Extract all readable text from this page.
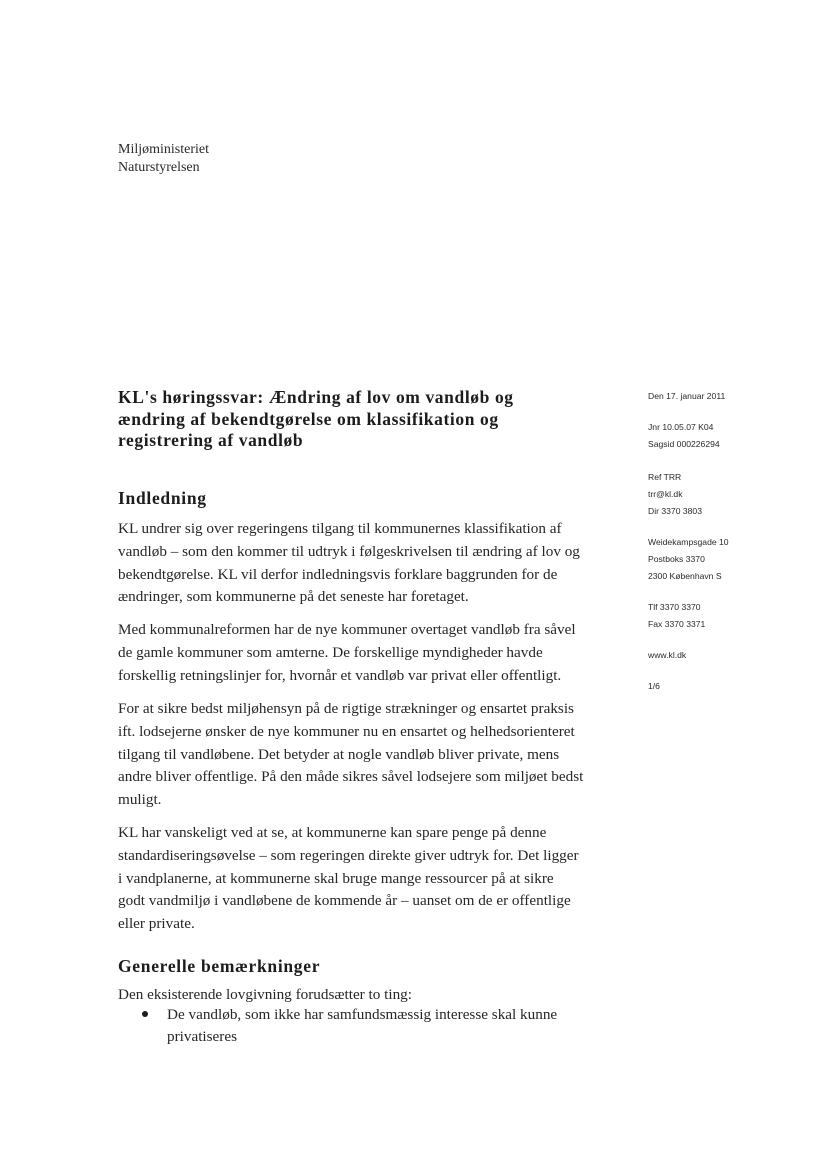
Miljøministeriet
Naturstyrelsen
KL's høringssvar: Ændring af lov om vandløb og
ændring af bekendtgørelse om klassifikation og
registrering af vandløb
Indledning
KL undrer sig over regeringens tilgang til kommunernes klassifikation af
vandløb – som den kommer til udtryk i følgeskrivelsen til ændring af lov og
bekendtgørelse. KL vil derfor indledningsvis forklare baggrunden for de
ændringer, som kommunerne på det seneste har foretaget.
Med kommunalreformen har de nye kommuner overtaget vandløb fra såvel
de gamle kommuner som amterne. De forskellige myndigheder havde
forskellig retningslinjer for, hvornår et vandløb var privat eller offentligt.
For at sikre bedst miljøhensyn på de rigtige strækninger og ensartet praksis
ift. lodsejerne ønsker de nye kommuner nu en ensartet og helhedsorienteret
tilgang til vandløbene. Det betyder at nogle vandløb bliver private, mens
andre bliver offentlige. På den måde sikres såvel lodsejere som miljøet bedst
muligt.
KL har vanskeligt ved at se, at kommunerne kan spare penge på denne
standardiseringsøvelse – som regeringen direkte giver udtryk for. Det ligger
i vandplanerne, at kommunerne skal bruge mange ressourcer på at sikre
godt vandmiljø i vandløbene de kommende år – uanset om de er offentlige
eller private.
Generelle bemærkninger
Den eksisterende lovgivning forudsætter to ting:
De vandløb, som ikke har samfundsmæssig interesse skal kunne
privatiseres
Den 17. januar 2011
Jnr 10.05.07 K04
Sagsid 000226294
Ref TRR
trr@kl.dk
Dir 3370 3803
Weidekampsgade 10
Postboks 3370
2300 København S
Tlf 3370 3370
Fax 3370 3371
www.kl.dk
1/6
